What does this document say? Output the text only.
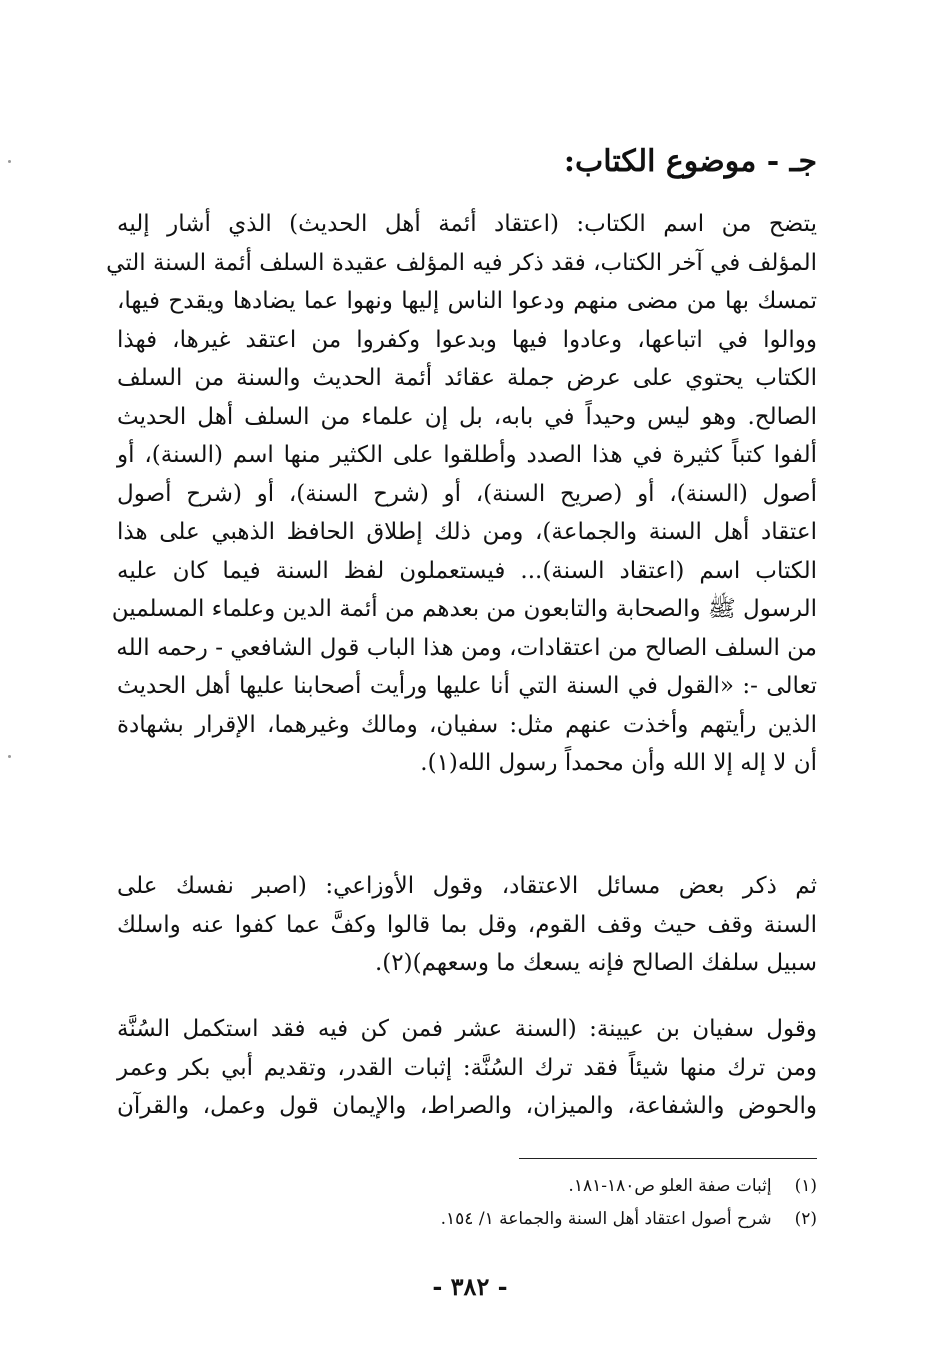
جـ - موضوع الكتاب:
يتضح من اسم الكتاب: (اعتقاد أئمة أهل الحديث) الذي أشار إليه
المؤلف في آخر الكتاب، فقد ذكر فيه المؤلف عقيدة السلف أئمة السنة التي
تمسك بها من مضى منهم ودعوا الناس إليها ونهوا عما يضادها ويقدح فيها،
ووالوا في اتباعها، وعادوا فيها وبدعوا وكفروا من اعتقد غيرها، فهذا
الكتاب يحتوي على عرض جملة عقائد أئمة الحديث والسنة من السلف
الصالح. وهو ليس وحيداً في بابه، بل إن علماء من السلف أهل الحديث
ألفوا كتباً كثيرة في هذا الصدد وأطلقوا على الكثير منها اسم (السنة)، أو
أصول (السنة)، أو (صريح السنة)، أو (شرح السنة)، أو (شرح أصول
اعتقاد أهل السنة والجماعة)، ومن ذلك إطلاق الحافظ الذهبي على هذا
الكتاب اسم (اعتقاد السنة)... فيستعملون لفظ السنة فيما كان عليه
الرسول ﷺ والصحابة والتابعون من بعدهم من أئمة الدين وعلماء المسلمين
من السلف الصالح من اعتقادات، ومن هذا الباب قول الشافعي - رحمه الله
تعالى -: «القول في السنة التي أنا عليها ورأيت أصحابنا عليها أهل الحديث
الذين رأيتهم وأخذت عنهم مثل: سفيان، ومالك وغيرهما، الإقرار بشهادة
أن لا إله إلا الله وأن محمداً رسول الله(١).
ثم ذكر بعض مسائل الاعتقاد، وقول الأوزاعي: (اصبر نفسك على
السنة وقف حيث وقف القوم، وقل بما قالوا وكفَّ عما كفوا عنه واسلك
سبيل سلفك الصالح فإنه يسعك ما وسعهم)(٢).
وقول سفيان بن عيينة: (السنة عشر فمن كن فيه فقد استكمل السُنَّة
ومن ترك منها شيئاً فقد ترك السُنَّة: إثبات القدر، وتقديم أبي بكر وعمر
والحوض والشفاعة، والميزان، والصراط، والإيمان قول وعمل، والقرآن
(١) إثبات صفة العلو ص١٨٠-١٨١.
(٢) شرح أصول اعتقاد أهل السنة والجماعة ١/ ١٥٤.
- ٣٨٢ -
